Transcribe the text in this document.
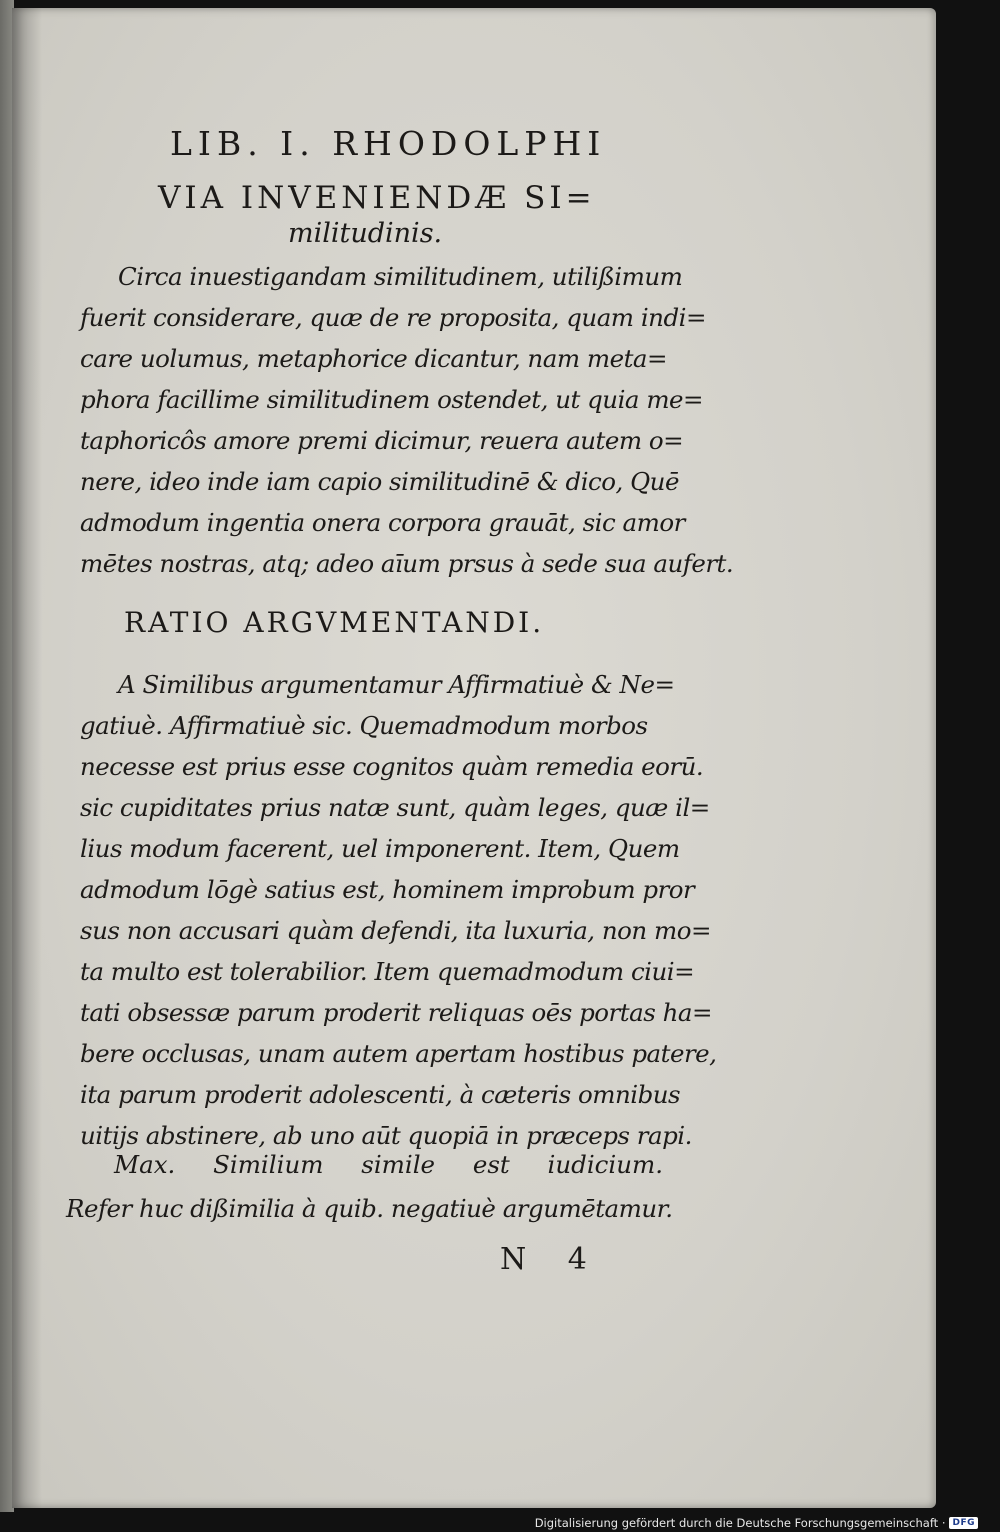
LIB. I. RHODOLPHI
VIA INVENIENDÆ SI=
militudinis.
Circa inuestigandam similitudinem, utilißimum
fuerit considerare, quæ de re proposita, quam indi=
care uolumus, metaphorice dicantur, nam meta=
phora facillime similitudinem ostendet, ut quia me=
taphoricôs amore premi dicimur, reuera autem o=
nere, ideo inde iam capio similitudinē & dico, Quē
admodum ingentia onera corpora grauāt, sic amor
mētes nostras, atq; adeo aīum prsus à sede sua aufert.
RATIO ARGVMENTANDI.
A Similibus argumentamur Affirmatiuè & Ne=
gatiuè. Affirmatiuè sic. Quemadmodum morbos
necesse est prius esse cognitos quàm remedia eorū.
sic cupiditates prius natæ sunt, quàm leges, quæ il=
lius modum facerent, uel imponerent. Item, Quem
admodum lōgè satius est, hominem improbum pror
sus non accusari quàm defendi, ita luxuria, non mo=
ta multo est tolerabilior. Item quemadmodum ciui=
tati obsessæ parum proderit reliquas oēs portas ha=
bere occlusas, unam autem apertam hostibus patere,
ita parum proderit adolescenti, à cæteris omnibus
uitijs abstinere, ab uno aūt quopiā in præceps rapi.
Max. Similium simile est iudicium.
Refer huc dißimilia à quib. negatiuè argumētamur.
N 4
Digitalisierung gefördert durch die Deutsche Forschungsgemeinschaft · DFG
